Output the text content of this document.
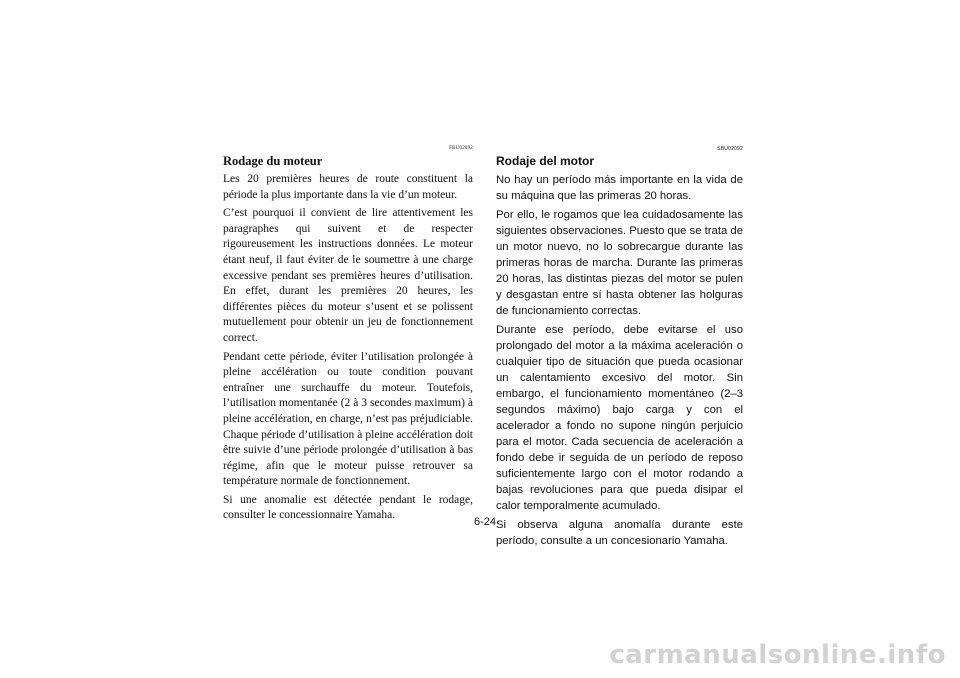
FBU02092
Rodage du moteur

Les 20 premières heures de route constituent la période la plus importante dans la vie d’un moteur.

C’est pourquoi il convient de lire attentivement les paragraphes qui suivent et de respecter rigoureusement les instructions données. Le moteur étant neuf, il faut éviter de le soumettre à une charge excessive pendant ses premières heures d’utilisation. En effet, durant les premières 20 heures, les différentes pièces du moteur s’usent et se polissent mutuellement pour obtenir un jeu de fonctionnement correct.

Pendant cette période, éviter l’utilisation prolongée à pleine accélération ou toute condition pouvant entraîner une surchauffe du moteur. Toutefois, l’utilisation momentanée (2 à 3 secondes maximum) à pleine accélération, en charge, n’est pas préjudiciable. Chaque période d’utilisation à pleine accélération doit être suivie d’une période prolongée d’utilisation à bas régime, afin que le moteur puisse retrouver sa température normale de fonctionnement.

Si une anomalie est détectée pendant le rodage, consulter le concessionnaire Yamaha.

SBU02092
Rodaje del motor

No hay un período más importante en la vida de su máquina que las primeras 20 horas.

Por ello, le rogamos que lea cuidadosamente las siguientes observaciones. Puesto que se trata de un motor nuevo, no lo sobrecargue durante las primeras horas de marcha. Durante las primeras 20 horas, las distintas piezas del motor se pulen y desgastan entre sí hasta obtener las holguras de funcionamiento correctas.

Durante ese período, debe evitarse el uso prolongado del motor a la máxima aceleración o cualquier tipo de situación que pueda ocasionar un calentamiento excesivo del motor. Sin embargo, el funcionamiento momentáneo (2–3 segundos máximo) bajo carga y con el acelerador a fondo no supone ningún perjuicio para el motor. Cada secuencia de aceleración a fondo debe ir seguida de un período de reposo suficientemente largo con el motor rodando a bajas revoluciones para que pueda disipar el calor temporalmente acumulado.

Si observa alguna anomalía durante este período, consulte a un concesionario Yamaha.

6-24
carmanualsonline.info
